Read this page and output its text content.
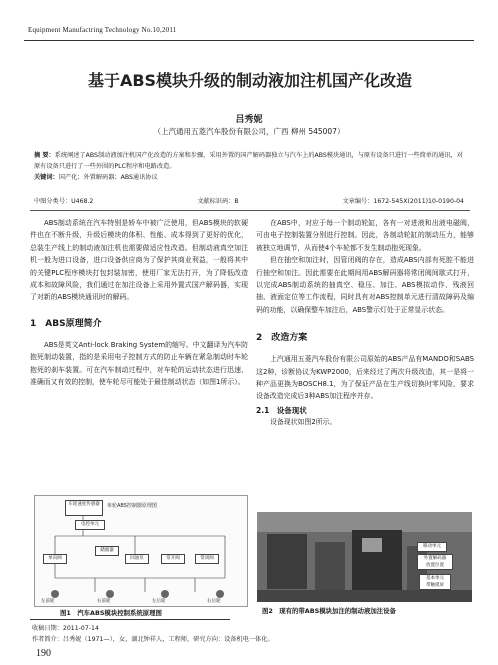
Equipment Manufactring Technology No.10,2011
基于ABS模块升级的制动液加注机国产化改造
吕秀妮
（上汽通用五菱汽车股份有限公司，广西 柳州 545007）
摘 要：系统阐述了ABS制动液加注机国产化改造的方案和步骤，采用外置的国产解码器独立与汽车上的ABS模块通讯，与原有设备只进行一些简单的通讯，对原有设备只进行了一些外围的PLC程序和电路改造。
关键词：国产化；外置解码器；ABS通讯协议
中图分类号：U468.2	文献标识码：B	文章编号：1672-545X(2011)10-0190-04
ABS制动系统在汽车特别是轿车中被广泛使用，但ABS模块的软硬件也在不断升级，升级后模块的体积、性能、成本得到了更好的优化，总装生产线上的制动液加注机也需要做适应性改造。但制动液真空加注机一般为进口设备，进口设备供应商为了保护其商业利益，一般将其中的关键PLC程序模块打包封装加密，使用厂家无法打开，为了降低改造成本和故障风险，我们通过在加注设备上采用外置式国产解码器，实现了对新的ABS模块通讯时的解码。
1　ABS原理简介
ABS是英文Anti-lock Braking System的缩写。中文翻译为汽车防抱死制动装置，指的是采用电子控制方式的防止车辆在紧急制动时车轮抱死的刹车装置。可在汽车制动过程中，对车轮的运动状态进行迅速、准确而又有效的控制，使车轮尽可能处于最佳制动状态（如图1所示）。
车轮速度传感器	单轮ABS控制器原理图
电控单元
单向阀
储液器
回油泵	常开阀	常闭阀
左前轮	右前轮	左后轮	右后轮
图1　汽车ABS模块控制系统原理图
在ABS中，对应于每一个制动轮缸，各有一对进液和出液电磁阀，可由电子控制装置分别进行控制。因此，各制动轮缸的制动压力，能够被独立地调节，从而使4个车轮都不发生制动抱死现象。
但在抽空和加注时，因管闭阀的存在，造成ABS内部有死腔不能进行抽空和加注。因此需要在此期间用ABS解码器将常闭阀间歇式打开，以完成ABS制动系统的抽真空、稳压、加注、ABS模拟动作、残液回抽、液面定位等工作流程，同时具有对ABS控制单元进行清故障码及编码的功能，以确保整车加注后，ABS警示灯处于正常显示状态。
2　改造方案
上汽通用五菱汽车股份有限公司原始的ABS产品有MANDO和SABS这2种，诊断协议为KWP2000，后来经过了两次升级改造，其一是将一种产品更换为BOSCH8.1，为了保证产品在生产线切换时零风险，要求设备改造完成后3种ABS加注程序并存。
2.1　设备现状
设备现状如图2所示。
移动单元
外置解码器
放置位置
基本单元
带触摸屏
图2　现有的带ABS模块加注的制动液加注设备
收稿日期：2011-07-14
作者简介：吕秀妮（1971—），女，湖北钟祥人，工程师，研究方向：设备机电一体化。
190
